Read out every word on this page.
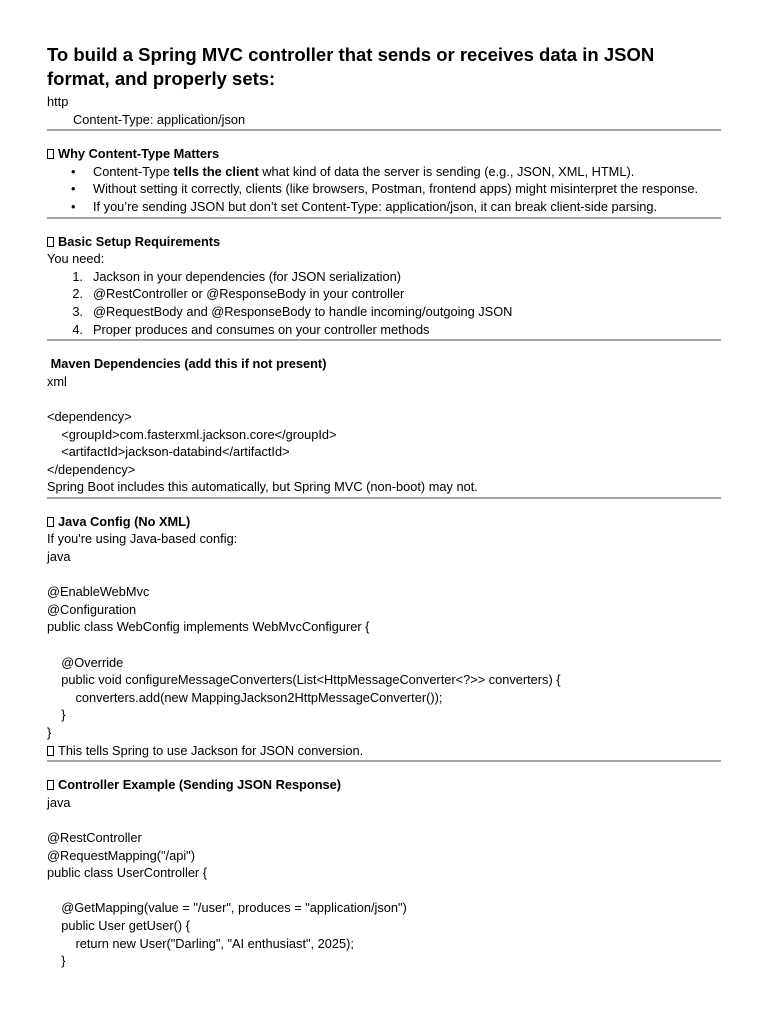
To build a Spring MVC controller that sends or receives data in JSON format, and properly sets:
http
Content-Type: application/json
Why Content-Type Matters
• Content-Type tells the client what kind of data the server is sending (e.g., JSON, XML, HTML).
• Without setting it correctly, clients (like browsers, Postman, frontend apps) might misinterpret the response.
• If you’re sending JSON but don’t set Content-Type: application/json, it can break client-side parsing.
Basic Setup Requirements
You need:
1. Jackson in your dependencies (for JSON serialization)
2. @RestController or @ResponseBody in your controller
3. @RequestBody and @ResponseBody to handle incoming/outgoing JSON
4. Proper produces and consumes on your controller methods
Maven Dependencies (add this if not present)
xml
<dependency>
<groupId>com.fasterxml.jackson.core</groupId>
<artifactId>jackson-databind</artifactId>
</dependency>
Spring Boot includes this automatically, but Spring MVC (non-boot) may not.
Java Config (No XML)
If you're using Java-based config:
java
@EnableWebMvc
@Configuration
public class WebConfig implements WebMvcConfigurer {
@Override
public void configureMessageConverters(List<HttpMessageConverter<?>> converters) {
converters.add(new MappingJackson2HttpMessageConverter());
}
}
This tells Spring to use Jackson for JSON conversion.
Controller Example (Sending JSON Response)
java
@RestController
@RequestMapping("/api")
public class UserController {
@GetMapping(value = "/user", produces = "application/json")
public User getUser() {
return new User("Darling", "AI enthusiast", 2025);
}
